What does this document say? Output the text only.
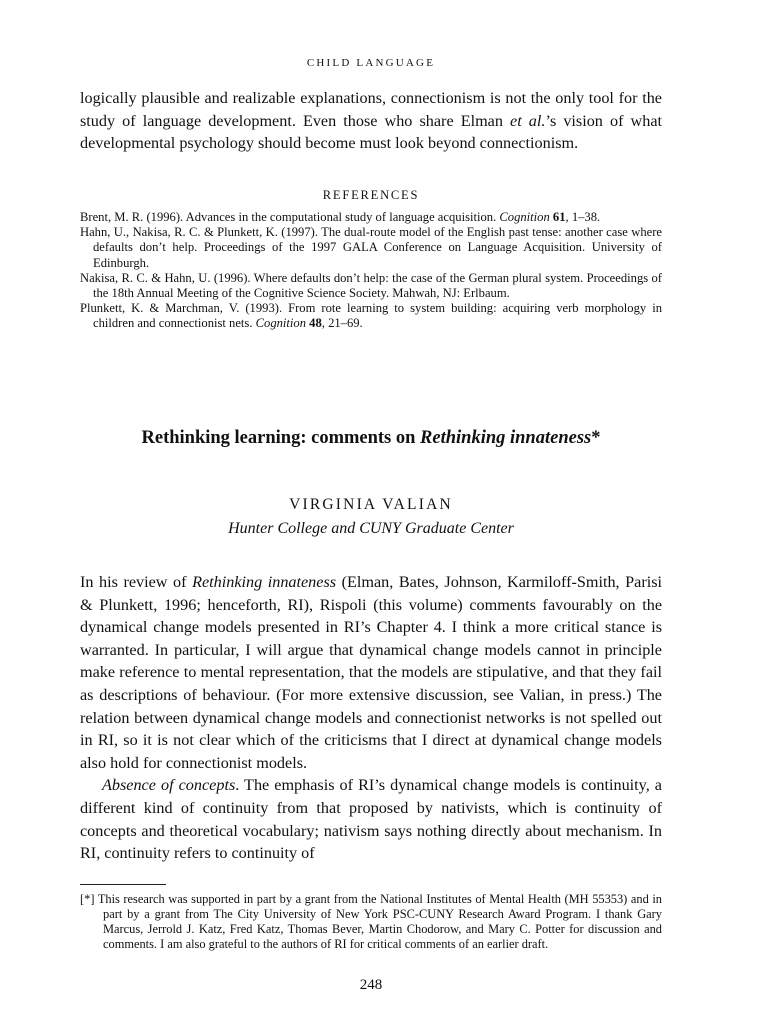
CHILD LANGUAGE

logically plausible and realizable explanations, connectionism is not the only tool for the study of language development. Even those who share Elman et al.’s vision of what developmental psychology should become must look beyond connectionism.

REFERENCES

Brent, M. R. (1996). Advances in the computational study of language acquisition. Cognition 61, 1–38.

Hahn, U., Nakisa, R. C. & Plunkett, K. (1997). The dual-route model of the English past tense: another case where defaults don’t help. Proceedings of the 1997 GALA Conference on Language Acquisition. University of Edinburgh.

Nakisa, R. C. & Hahn, U. (1996). Where defaults don’t help: the case of the German plural system. Proceedings of the 18th Annual Meeting of the Cognitive Science Society. Mahwah, NJ: Erlbaum.

Plunkett, K. & Marchman, V. (1993). From rote learning to system building: acquiring verb morphology in children and connectionist nets. Cognition 48, 21–69.

Rethinking learning: comments on Rethinking innateness*
VIRGINIA VALIAN
Hunter College and CUNY Graduate Center

In his review of Rethinking innateness (Elman, Bates, Johnson, Karmiloff-Smith, Parisi & Plunkett, 1996; henceforth, RI), Rispoli (this volume) comments favourably on the dynamical change models presented in RI’s Chapter 4. I think a more critical stance is warranted. In particular, I will argue that dynamical change models cannot in principle make reference to mental representation, that the models are stipulative, and that they fail as descriptions of behaviour. (For more extensive discussion, see Valian, in press.) The relation between dynamical change models and connectionist networks is not spelled out in RI, so it is not clear which of the criticisms that I direct at dynamical change models also hold for connectionist models.

Absence of concepts. The emphasis of RI’s dynamical change models is continuity, a different kind of continuity from that proposed by nativists, which is continuity of concepts and theoretical vocabulary; nativism says nothing directly about mechanism. In RI, continuity refers to continuity of

[*] This research was supported in part by a grant from the National Institutes of Mental Health (MH 55353) and in part by a grant from The City University of New York PSC-CUNY Research Award Program. I thank Gary Marcus, Jerrold J. Katz, Fred Katz, Thomas Bever, Martin Chodorow, and Mary C. Potter for discussion and comments. I am also grateful to the authors of RI for critical comments of an earlier draft.

248
